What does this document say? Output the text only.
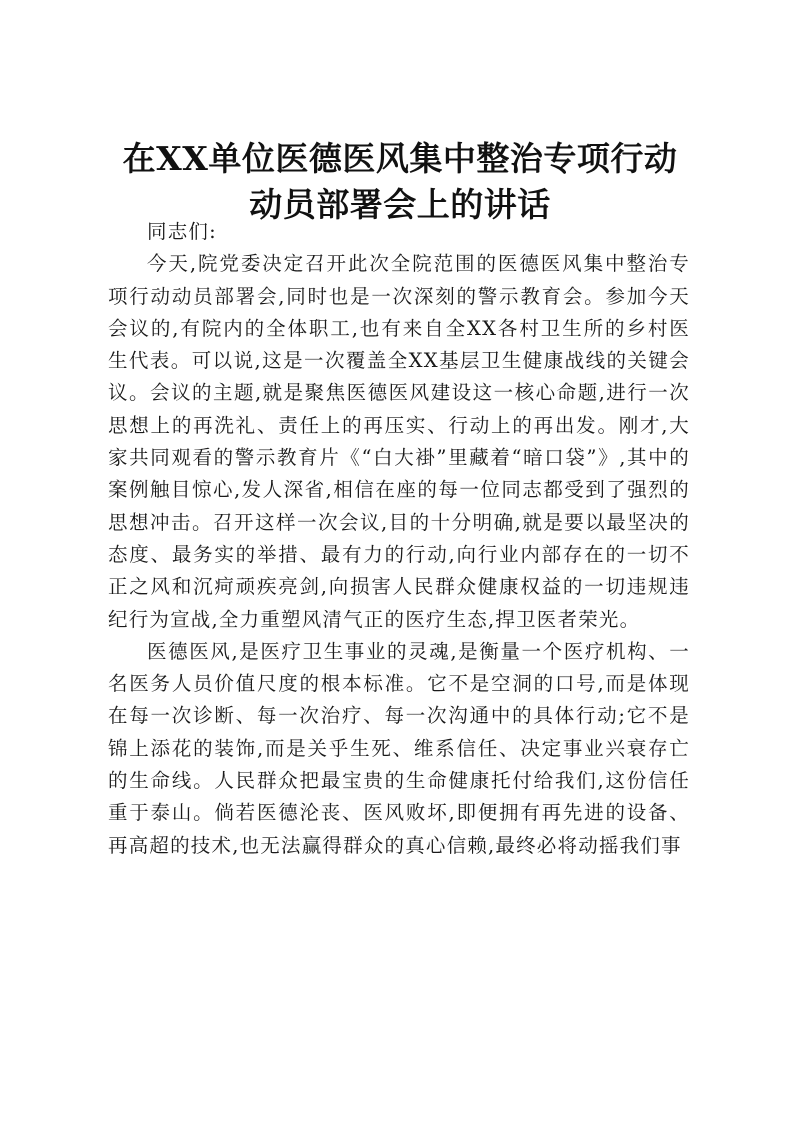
在XX单位医德医风集中整治专项行动
动员部署会上的讲话

同志们:

今天,院党委决定召开此次全院范围的医德医风集中整治专项行动动员部署会,同时也是一次深刻的警示教育会。参加今天会议的,有院内的全体职工,也有来自全XX各村卫生所的乡村医生代表。可以说,这是一次覆盖全XX基层卫生健康战线的关键会议。会议的主题,就是聚焦医德医风建设这一核心命题,进行一次思想上的再洗礼、责任上的再压实、行动上的再出发。刚才,大家共同观看的警示教育片《“白大褂”里藏着“暗口袋”》,其中的案例触目惊心,发人深省,相信在座的每一位同志都受到了强烈的思想冲击。召开这样一次会议,目的十分明确,就是要以最坚决的态度、最务实的举措、最有力的行动,向行业内部存在的一切不正之风和沉疴顽疾亮剑,向损害人民群众健康权益的一切违规违纪行为宣战,全力重塑风清气正的医疗生态,捍卫医者荣光。

医德医风,是医疗卫生事业的灵魂,是衡量一个医疗机构、一名医务人员价值尺度的根本标准。它不是空洞的口号,而是体现在每一次诊断、每一次治疗、每一次沟通中的具体行动;它不是锦上添花的装饰,而是关乎生死、维系信任、决定事业兴衰存亡的生命线。人民群众把最宝贵的生命健康托付给我们,这份信任重于泰山。倘若医德沦丧、医风败坏,即便拥有再先进的设备、再高超的技术,也无法赢得群众的真心信赖,最终必将动摇我们事
